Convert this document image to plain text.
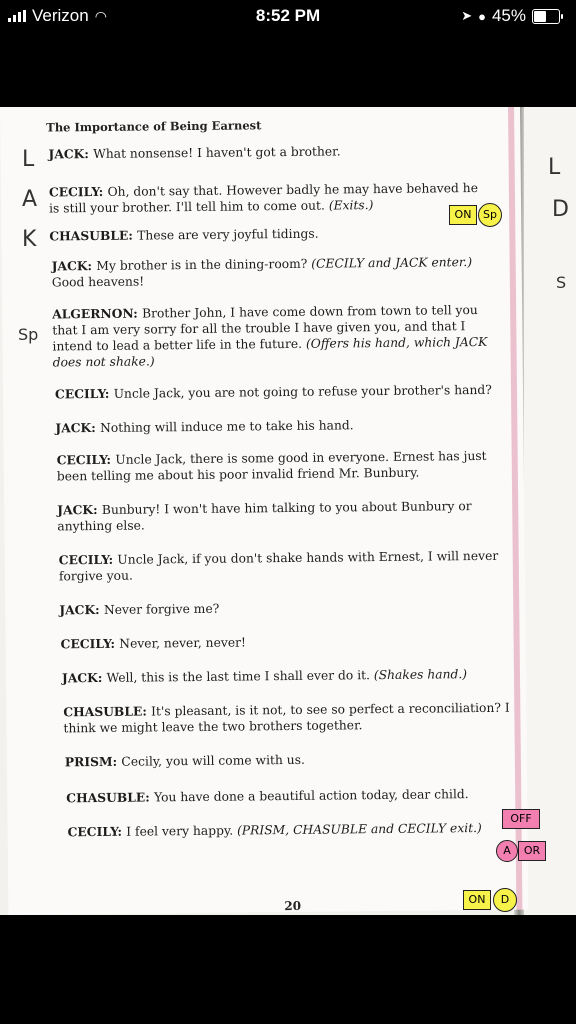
Verizon ◠	8:52 PM	➤ ● 45%
The Importance of Being Earnest
JACK: What nonsense! I haven't got a brother.
CECILY: Oh, don't say that. However badly he may have behaved he
is still your brother. I'll tell him to come out. (Exits.)
CHASUBLE: These are very joyful tidings.
JACK: My brother is in the dining-room? (CECILY and JACK enter.)
Good heavens!
ALGERNON: Brother John, I have come down from town to tell you
that I am very sorry for all the trouble I have given you, and that I
intend to lead a better life in the future. (Offers his hand, which JACK
does not shake.)
CECILY: Uncle Jack, you are not going to refuse your brother's hand?
JACK: Nothing will induce me to take his hand.
CECILY: Uncle Jack, there is some good in everyone. Ernest has just
been telling me about his poor invalid friend Mr. Bunbury.
JACK: Bunbury! I won't have him talking to you about Bunbury or
anything else.
CECILY: Uncle Jack, if you don't shake hands with Ernest, I will never
forgive you.
JACK: Never forgive me?
CECILY: Never, never, never!
JACK: Well, this is the last time I shall ever do it. (Shakes hand.)
CHASUBLE: It's pleasant, is it not, to see so perfect a reconciliation? I
think we might leave the two brothers together.
PRISM: Cecily, you will come with us.
CHASUBLE: You have done a beautiful action today, dear child.
CECILY: I feel very happy. (PRISM, CHASUBLE and CECILY exit.)
20
L
A
K
Sp
L
D
S
ON	Sp
OFF
A	OR
ON	D
